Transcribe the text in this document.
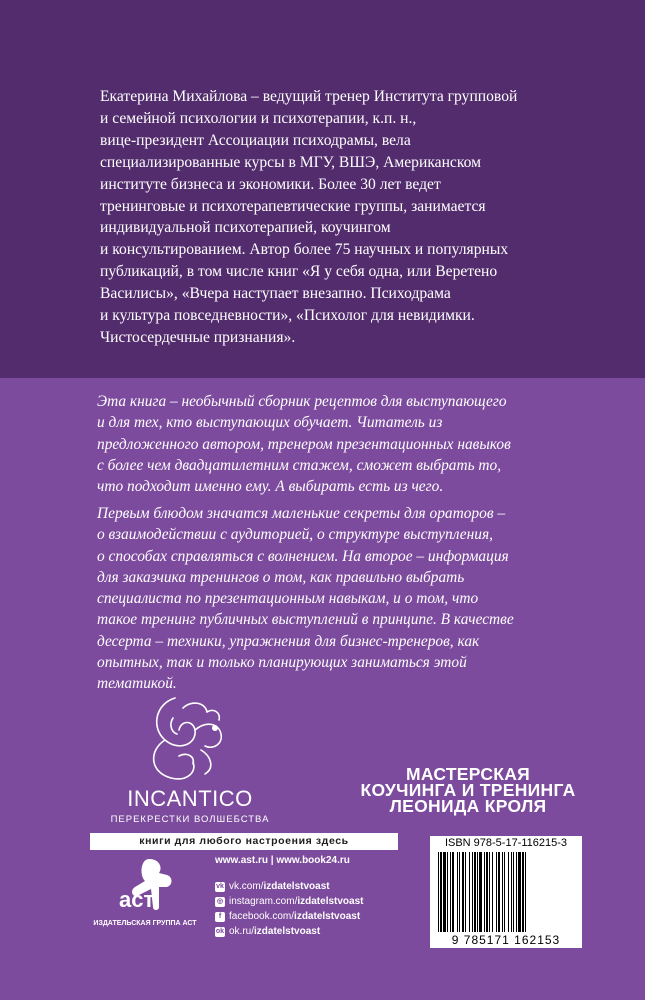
Екатерина Михайлова – ведущий тренер Института групповой
и семейной психологии и психотерапии, к.п. н.,
вице-президент Ассоциации психодрамы, вела
специализированные курсы в МГУ, ВШЭ, Американском
институте бизнеса и экономики. Более 30 лет ведет
тренинговые и психотерапевтические группы, занимается
индивидуальной психотерапией, коучингом
и консультированием. Автор более 75 научных и популярных
публикаций, в том числе книг «Я у себя одна, или Веретено
Василисы», «Вчера наступает внезапно. Психодрама
и культура повседневности», «Психолог для невидимки.
Чистосердечные признания».
Эта книга – необычный сборник рецептов для выступающего
и для тех, кто выступающих обучает. Читатель из
предложенного автором, тренером презентационных навыков
с более чем двадцатилетним стажем, сможет выбрать то,
что подходит именно ему. А выбирать есть из чего.
Первым блюдом значатся маленькие секреты для ораторов –
о взаимодействии с аудиторией, о структуре выступления,
о способах справляться с волнением. На второе – информация
для заказчика тренингов о том, как правильно выбрать
специалиста по презентационным навыкам, и о том, что
такое тренинг публичных выступлений в принципе. В качестве
десерта – техники, упражнения для бизнес-тренеров, как
опытных, так и только планирующих заниматься этой
тематикой.
INCANTICO
ПЕРЕКРЕСТКИ ВОЛШЕБСТВА
МАСТЕРСКАЯ
КОУЧИНГА И ТРЕНИНГА
ЛЕОНИДА КРОЛЯ
книги для любого настроения здесь
аст
ИЗДАТЕЛЬСКАЯ ГРУППА АСТ
www.ast.ru | www.book24.ru
vk vk.com/ izdatelstvoast
◎ instagram.com/ izdatelstvoast
f facebook.com/ izdatelstvoast
ok ok.ru/ izdatelstvoast
ISBN 978-5-17-116215-3
9 785171 162153
